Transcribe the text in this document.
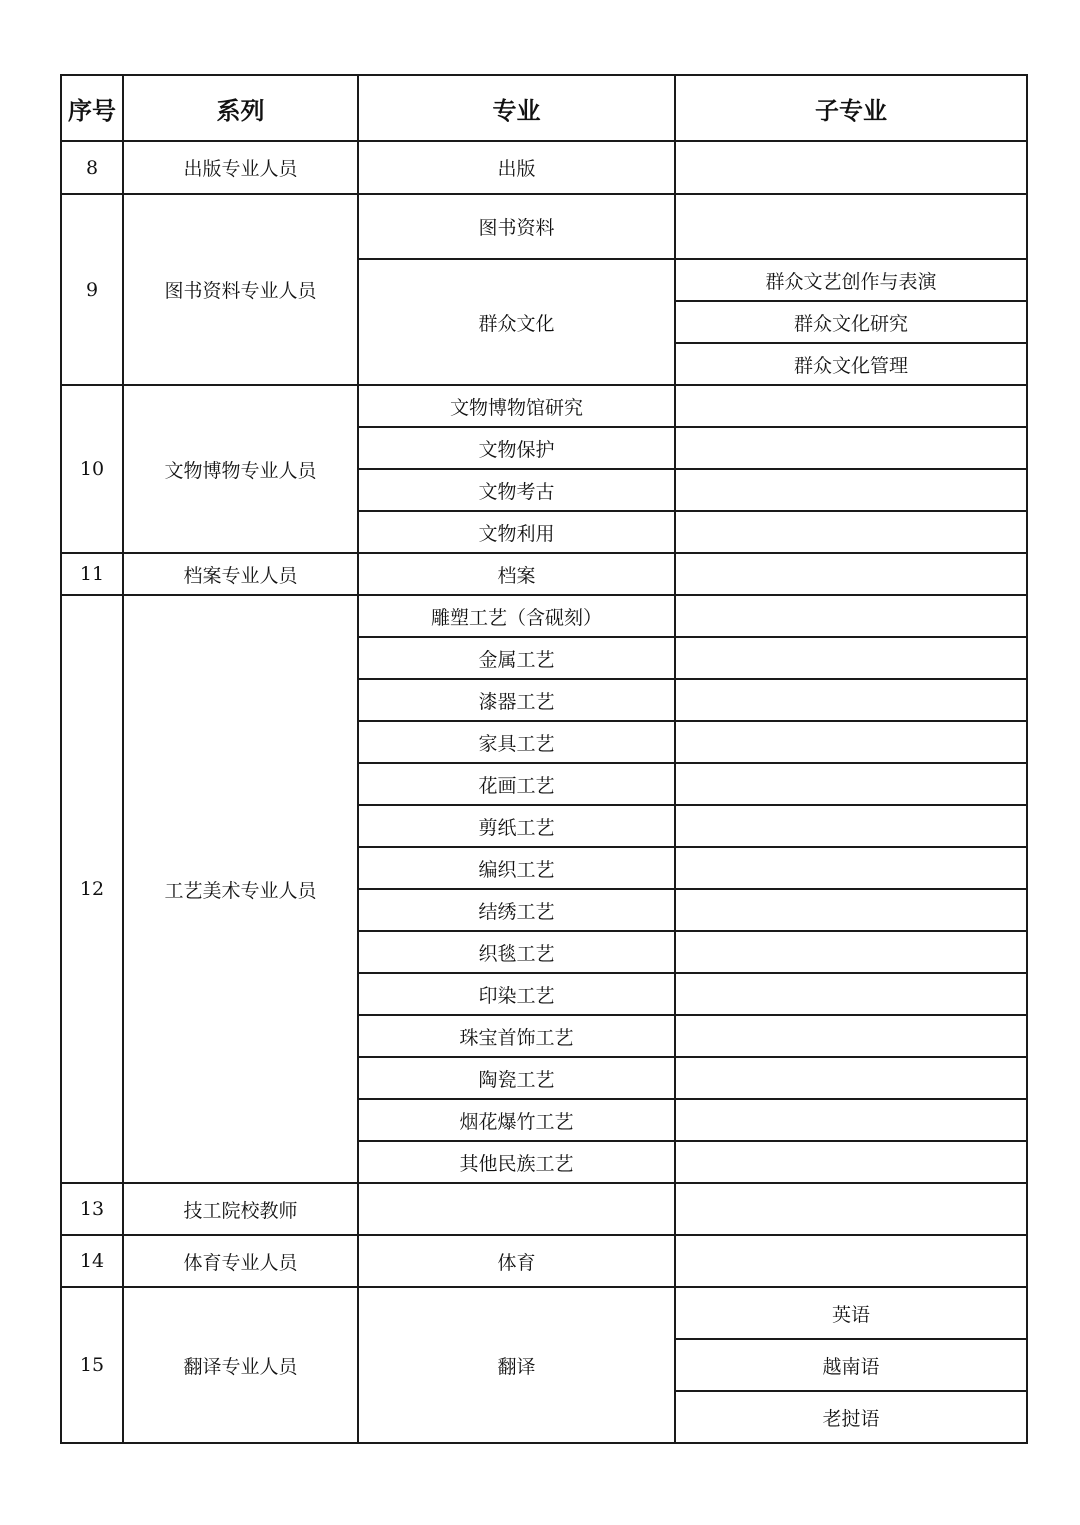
序号	系列	专业	子专业
8	出版专业人员	出版	
9	图书资料专业人员	图书资料	
		群众文化	群众文艺创作与表演
			群众文化研究
			群众文化管理
10	文物博物专业人员	文物博物馆研究	
		文物保护	
		文物考古	
		文物利用	
11	档案专业人员	档案	
12	工艺美术专业人员	雕塑工艺（含砚刻）	
		金属工艺	
		漆器工艺	
		家具工艺	
		花画工艺	
		剪纸工艺	
		编织工艺	
		结绣工艺	
		织毯工艺	
		印染工艺	
		珠宝首饰工艺	
		陶瓷工艺	
		烟花爆竹工艺	
		其他民族工艺	
13	技工院校教师		
14	体育专业人员	体育	
15	翻译专业人员	翻译	英语
			越南语
			老挝语
